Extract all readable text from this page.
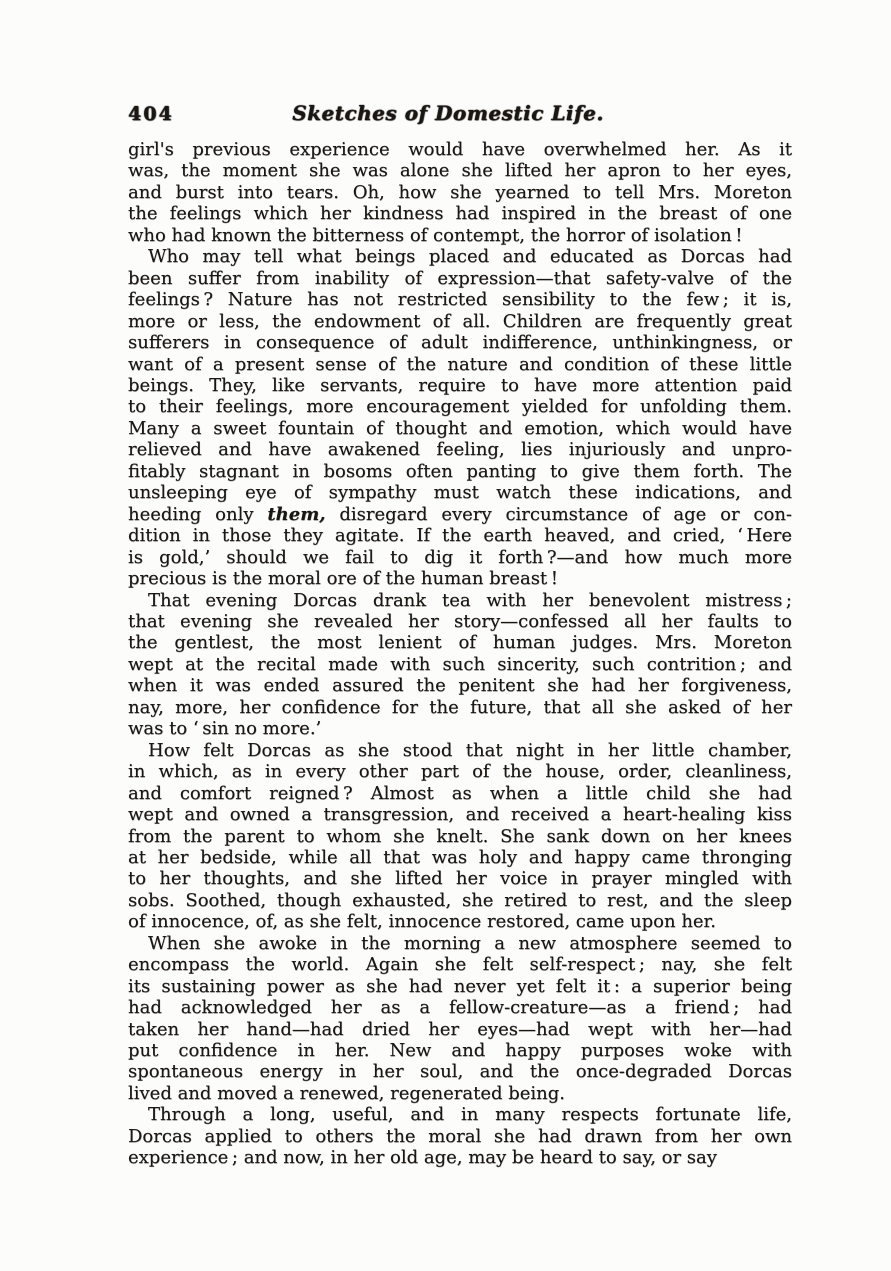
404	Sketches of Domestic Life.

girl's previous experience would have overwhelmed her. As it
was, the moment she was alone she lifted her apron to her eyes,
and burst into tears. Oh, how she yearned to tell Mrs. Moreton
the feelings which her kindness had inspired in the breast of one
who had known the bitterness of contempt, the horror of isolation !

Who may tell what beings placed and educated as Dorcas had
been suffer from inability of expression—that safety-valve of the
feelings ? Nature has not restricted sensibility to the few ; it is,
more or less, the endowment of all. Children are frequently great
sufferers in consequence of adult indifference, unthinkingness, or
want of a present sense of the nature and condition of these little
beings. They, like servants, require to have more attention paid
to their feelings, more encouragement yielded for unfolding them.
Many a sweet fountain of thought and emotion, which would have
relieved and have awakened feeling, lies injuriously and unpro-
fitably stagnant in bosoms often panting to give them forth. The
unsleeping eye of sympathy must watch these indications, and
heeding only them, disregard every circumstance of age or con-
dition in those they agitate. If the earth heaved, and cried, ‘ Here
is gold,’ should we fail to dig it forth ?—and how much more
precious is the moral ore of the human breast !

That evening Dorcas drank tea with her benevolent mistress ;
that evening she revealed her story—confessed all her faults to
the gentlest, the most lenient of human judges. Mrs. Moreton
wept at the recital made with such sincerity, such contrition ; and
when it was ended assured the penitent she had her forgiveness,
nay, more, her confidence for the future, that all she asked of her
was to ‘ sin no more.’

How felt Dorcas as she stood that night in her little chamber,
in which, as in every other part of the house, order, cleanliness,
and comfort reigned ? Almost as when a little child she had
wept and owned a transgression, and received a heart-healing kiss
from the parent to whom she knelt. She sank down on her knees
at her bedside, while all that was holy and happy came thronging
to her thoughts, and she lifted her voice in prayer mingled with
sobs. Soothed, though exhausted, she retired to rest, and the sleep
of innocence, of, as she felt, innocence restored, came upon her.

When she awoke in the morning a new atmosphere seemed to
encompass the world. Again she felt self-respect ; nay, she felt
its sustaining power as she had never yet felt it : a superior being
had acknowledged her as a fellow-creature—as a friend ; had
taken her hand—had dried her eyes—had wept with her—had
put confidence in her. New and happy purposes woke with
spontaneous energy in her soul, and the once-degraded Dorcas
lived and moved a renewed, regenerated being.

Through a long, useful, and in many respects fortunate life,
Dorcas applied to others the moral she had drawn from her own
experience ; and now, in her old age, may be heard to say, or say
